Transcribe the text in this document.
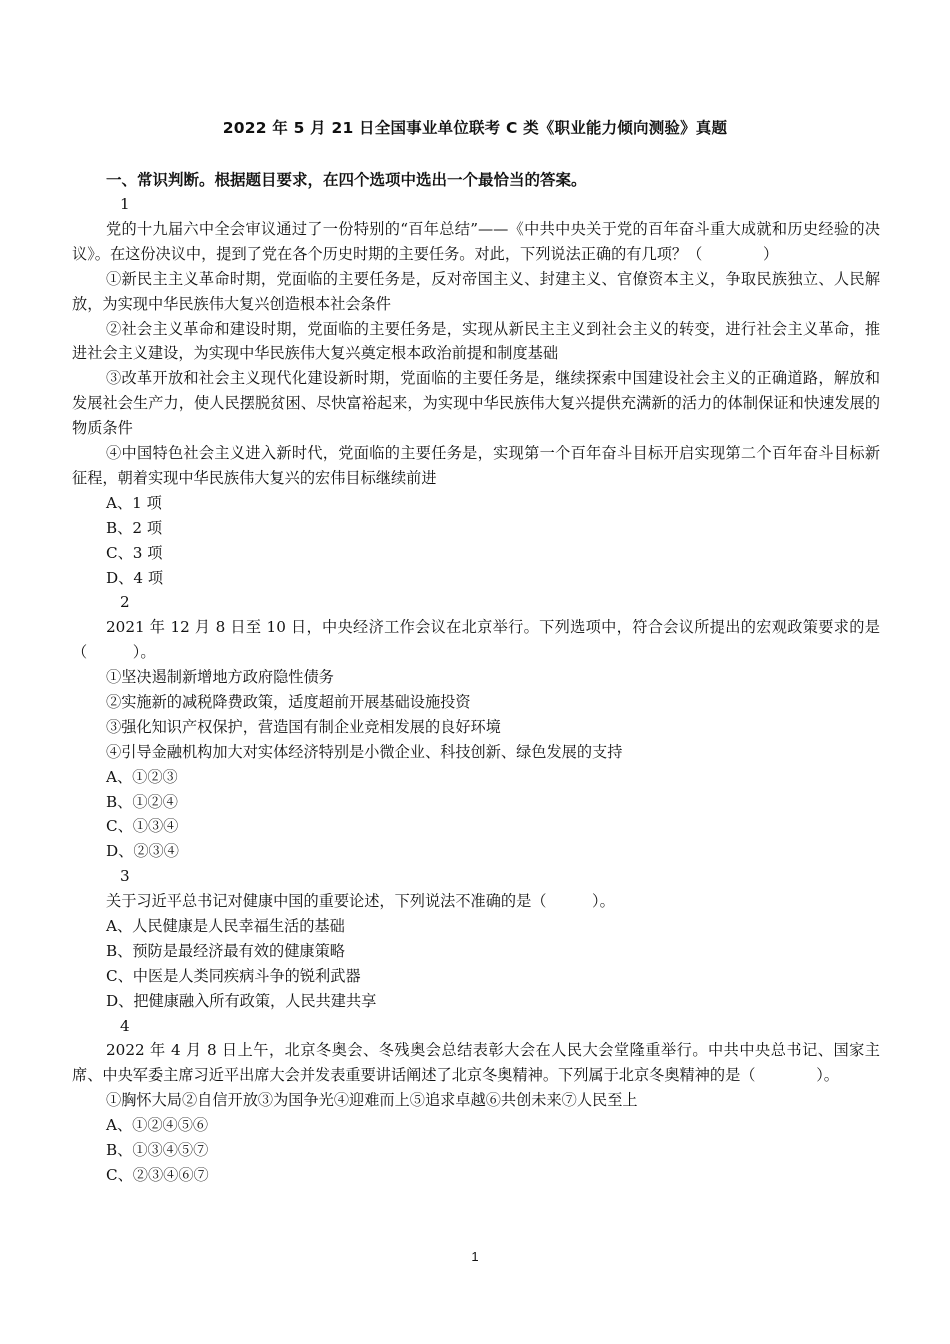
2022 年 5 月 21 日全国事业单位联考 C 类《职业能力倾向测验》真题
一、常识判断。根据题目要求，在四个选项中选出一个最恰当的答案。
1
党的十九届六中全会审议通过了一份特别的“百年总结”——《中共中央关于党的百年奋斗重大成就和历史经验的决议》。在这份决议中，提到了党在各个历史时期的主要任务。对此，下列说法正确的有几项？（　　　　）
①新民主主义革命时期，党面临的主要任务是，反对帝国主义、封建主义、官僚资本主义，争取民族独立、人民解放，为实现中华民族伟大复兴创造根本社会条件
②社会主义革命和建设时期，党面临的主要任务是，实现从新民主主义到社会主义的转变，进行社会主义革命，推进社会主义建设，为实现中华民族伟大复兴奠定根本政治前提和制度基础
③改革开放和社会主义现代化建设新时期，党面临的主要任务是，继续探索中国建设社会主义的正确道路，解放和发展社会生产力，使人民摆脱贫困、尽快富裕起来，为实现中华民族伟大复兴提供充满新的活力的体制保证和快速发展的物质条件
④中国特色社会主义进入新时代，党面临的主要任务是，实现第一个百年奋斗目标开启实现第二个百年奋斗目标新征程，朝着实现中华民族伟大复兴的宏伟目标继续前进
A、1 项
B、2 项
C、3 项
D、4 项
2
2021 年 12 月 8 日至 10 日，中央经济工作会议在北京举行。下列选项中，符合会议所提出的宏观政策要求的是（　　　）。
①坚决遏制新增地方政府隐性债务
②实施新的减税降费政策，适度超前开展基础设施投资
③强化知识产权保护，营造国有制企业竞相发展的良好环境
④引导金融机构加大对实体经济特别是小微企业、科技创新、绿色发展的支持
A、①②③
B、①②④
C、①③④
D、②③④
3
关于习近平总书记对健康中国的重要论述，下列说法不准确的是（　　　）。
A、人民健康是人民幸福生活的基础
B、预防是最经济最有效的健康策略
C、中医是人类同疾病斗争的锐利武器
D、把健康融入所有政策，人民共建共享
4
2022 年 4 月 8 日上午，北京冬奥会、冬残奥会总结表彰大会在人民大会堂隆重举行。中共中央总书记、国家主席、中央军委主席习近平出席大会并发表重要讲话阐述了北京冬奥精神。下列属于北京冬奥精神的是（　　　　）。
①胸怀大局②自信开放③为国争光④迎难而上⑤追求卓越⑥共创未来⑦人民至上
A、①②④⑤⑥
B、①③④⑤⑦
C、②③④⑥⑦
1
